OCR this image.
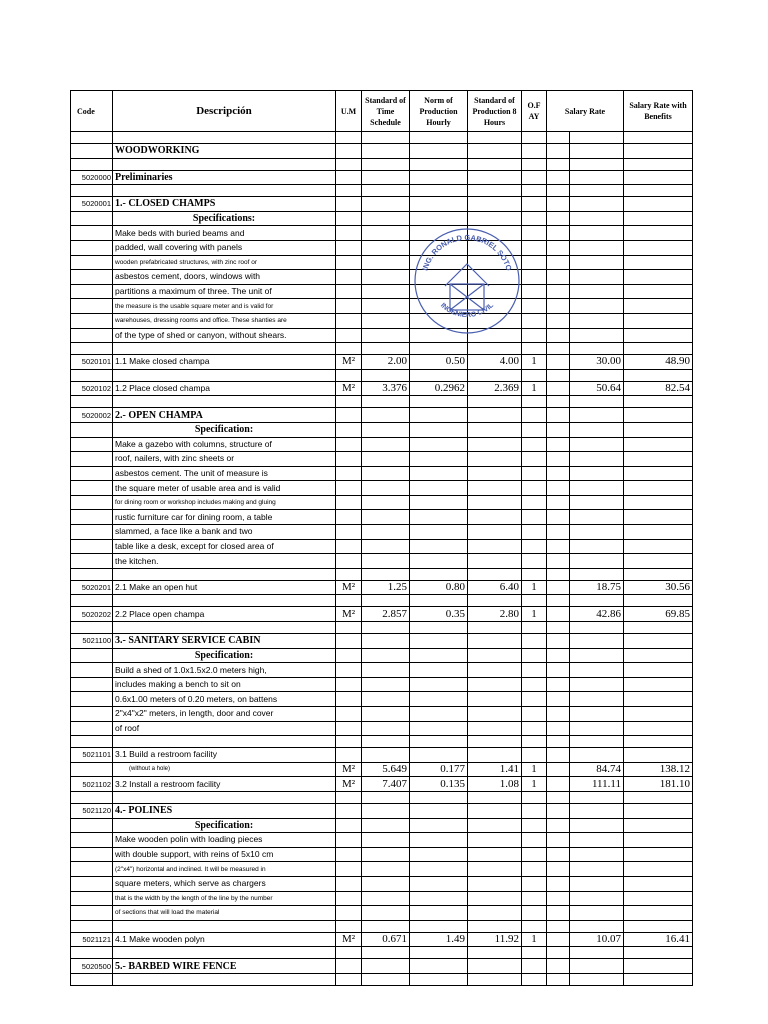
Code	Descripción	U.M	Standard of Time Schedule	Norm of Production Hourly	Standard of Production 8 Hours	O.F AY	Salary Rate		Salary Rate with Benefits

	WOODWORKING								

5020000	Preliminaries								

5020001	1.- CLOSED CHAMPS								
	Specifications:								
	Make beds with buried beams and								
	padded, wall covering with panels								
	wooden prefabricated structures, with zinc roof or								
	asbestos cement, doors, windows with								
	partitions a maximum of three. The unit of								
	the measure is the usable square meter and is valid for								
	warehouses, dressing rooms and office. These shanties are								
	of the type of shed or canyon, without shears.								

5020101	1.1 Make closed champa	M²	2.00	0.50	4.00	1		30.00	48.90

5020102	1.2 Place closed champa	M²	3.376	0.2962	2.369	1		50.64	82.54

5020002	2.- OPEN CHAMPA								
	Specification:								
	Make a gazebo with columns, structure of								
	roof, nailers, with zinc sheets or								
	asbestos cement. The unit of measure is								
	the square meter of usable area and is valid								
	for dining room or workshop includes making and gluing								
	rustic furniture car for dining room, a table								
	slammed, a face like a bank and two								
	table like a desk, except for closed area of								
	the kitchen.								

5020201	2.1 Make an open hut	M²	1.25	0.80	6.40	1		18.75	30.56

5020202	2.2 Place open champa	M²	2.857	0.35	2.80	1		42.86	69.85

5021100	3.- SANITARY SERVICE CABIN								
	Specification:								
	Build a shed of 1.0x1.5x2.0 meters high,								
	includes making a bench to sit on								
	0.6x1.00 meters of 0.20 meters, on battens								
	2"x4"x2" meters, in length, door and cover								
	of roof								

5021101	3.1 Build a restroom facility								
	(without a hole)	M²	5.649	0.177	1.41	1		84.74	138.12
5021102	3.2 Install a restroom facility	M²	7.407	0.135	1.08	1		111.11	181.10

5021120	4.- POLINES								
	Specification:								
	Make wooden polin with loading pieces								
	with double support, with reins of 5x10 cm								
	(2"x4") horizontal and inclined. It will be measured in								
	square meters, which serve as chargers								
	that is the width by the length of the line by the number								
	of sections that will load the material								

5021121	4.1 Make wooden polyn	M²	0.671	1.49	11.92	1		10.07	16.41

5020500	5.- BARBED WIRE FENCE								

ING. RONALD GABRIEL SOTO
INGENIERO CIVIL
